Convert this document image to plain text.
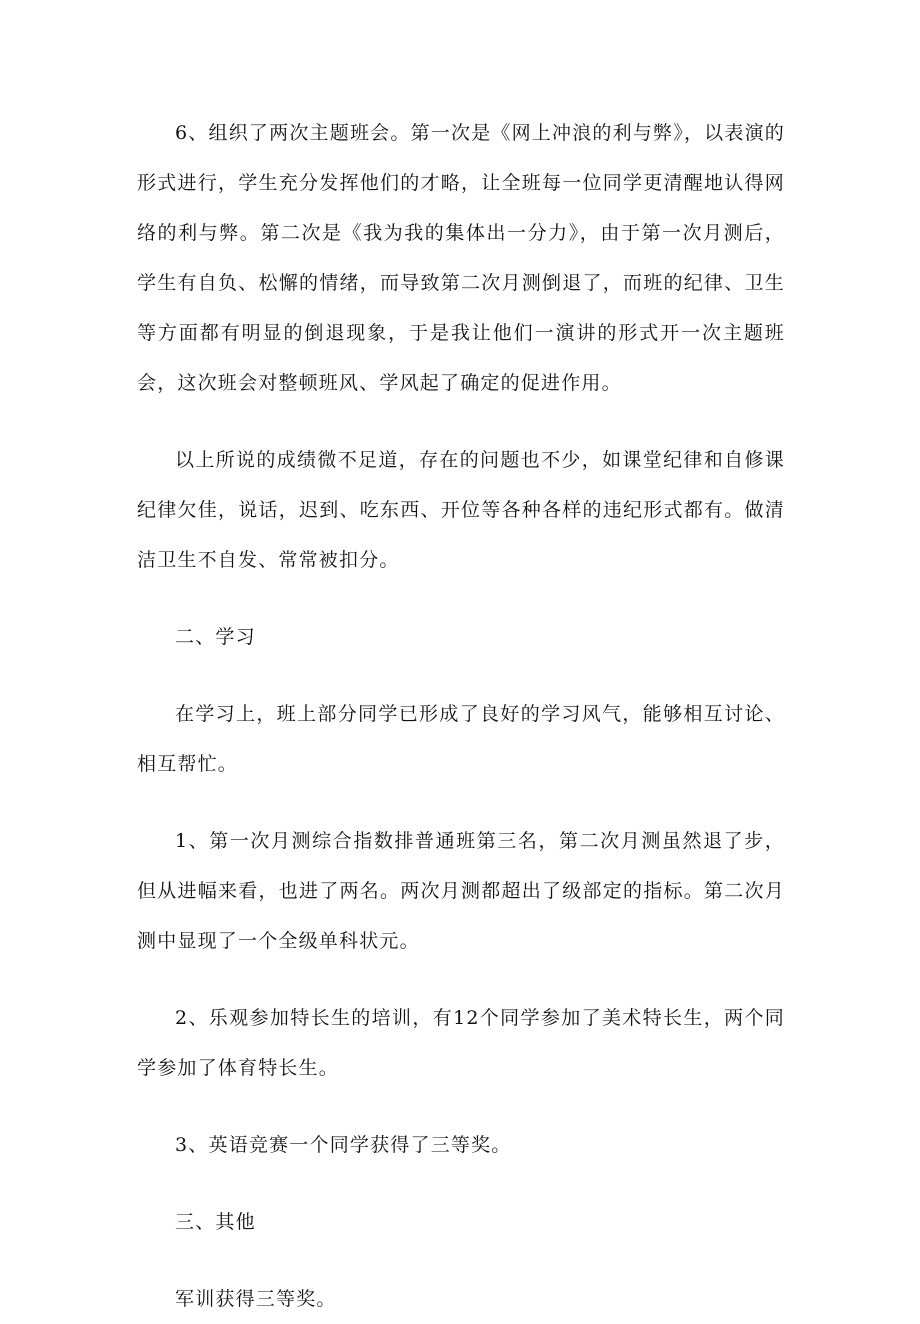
6、组织了两次主题班会。第一次是《网上冲浪的利与弊》，以表演的形式进行，学生充分发挥他们的才略，让全班每一位同学更清醒地认得网络的利与弊。第二次是《我为我的集体出一分力》，由于第一次月测后，学生有自负、松懈的情绪，而导致第二次月测倒退了，而班的纪律、卫生等方面都有明显的倒退现象，于是我让他们一演讲的形式开一次主题班会，这次班会对整顿班风、学风起了确定的促进作用。

以上所说的成绩微不足道，存在的问题也不少，如课堂纪律和自修课纪律欠佳，说话，迟到、吃东西、开位等各种各样的违纪形式都有。做清洁卫生不自发、常常被扣分。

二、学习

在学习上，班上部分同学已形成了良好的学习风气，能够相互讨论、相互帮忙。

1、第一次月测综合指数排普通班第三名，第二次月测虽然退了步，但从进幅来看，也进了两名。两次月测都超出了级部定的指标。第二次月测中显现了一个全级单科状元。

2、乐观参加特长生的培训，有12个同学参加了美术特长生，两个同学参加了体育特长生。

3、英语竞赛一个同学获得了三等奖。

三、其他

军训获得三等奖。
